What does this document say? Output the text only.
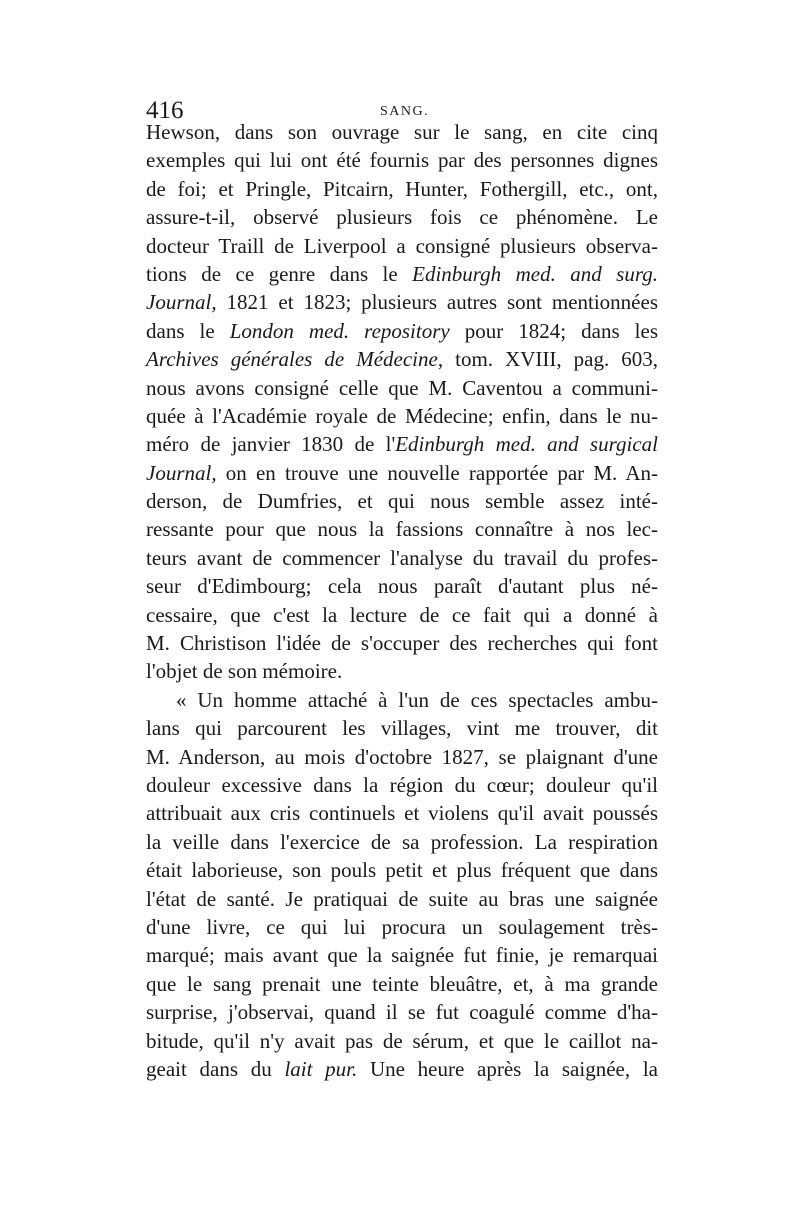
416	SANG.
Hewson, dans son ouvrage sur le sang, en cite cinq
exemples qui lui ont été fournis par des personnes dignes
de foi; et Pringle, Pitcairn, Hunter, Fothergill, etc., ont,
assure-t-il, observé plusieurs fois ce phénomène. Le
docteur Traill de Liverpool a consigné plusieurs observa-
tions de ce genre dans le Edinburgh med. and surg.
Journal, 1821 et 1823; plusieurs autres sont mentionnées
dans le London med. repository pour 1824; dans les
Archives générales de Médecine, tom. XVIII, pag. 603,
nous avons consigné celle que M. Caventou a communi-
quée à l'Académie royale de Médecine; enfin, dans le nu-
méro de janvier 1830 de l'Edinburgh med. and surgical
Journal, on en trouve une nouvelle rapportée par M. An-
derson, de Dumfries, et qui nous semble assez inté-
ressante pour que nous la fassions connaître à nos lec-
teurs avant de commencer l'analyse du travail du profes-
seur d'Edimbourg; cela nous paraît d'autant plus né-
cessaire, que c'est la lecture de ce fait qui a donné à
M. Christison l'idée de s'occuper des recherches qui font
l'objet de son mémoire.
« Un homme attaché à l'un de ces spectacles ambu-
lans qui parcourent les villages, vint me trouver, dit
M. Anderson, au mois d'octobre 1827, se plaignant d'une
douleur excessive dans la région du cœur; douleur qu'il
attribuait aux cris continuels et violens qu'il avait poussés
la veille dans l'exercice de sa profession. La respiration
était laborieuse, son pouls petit et plus fréquent que dans
l'état de santé. Je pratiquai de suite au bras une saignée
d'une livre, ce qui lui procura un soulagement très-
marqué; mais avant que la saignée fut finie, je remarquai
que le sang prenait une teinte bleuâtre, et, à ma grande
surprise, j'observai, quand il se fut coagulé comme d'ha-
bitude, qu'il n'y avait pas de sérum, et que le caillot na-
geait dans du lait pur. Une heure après la saignée, la
